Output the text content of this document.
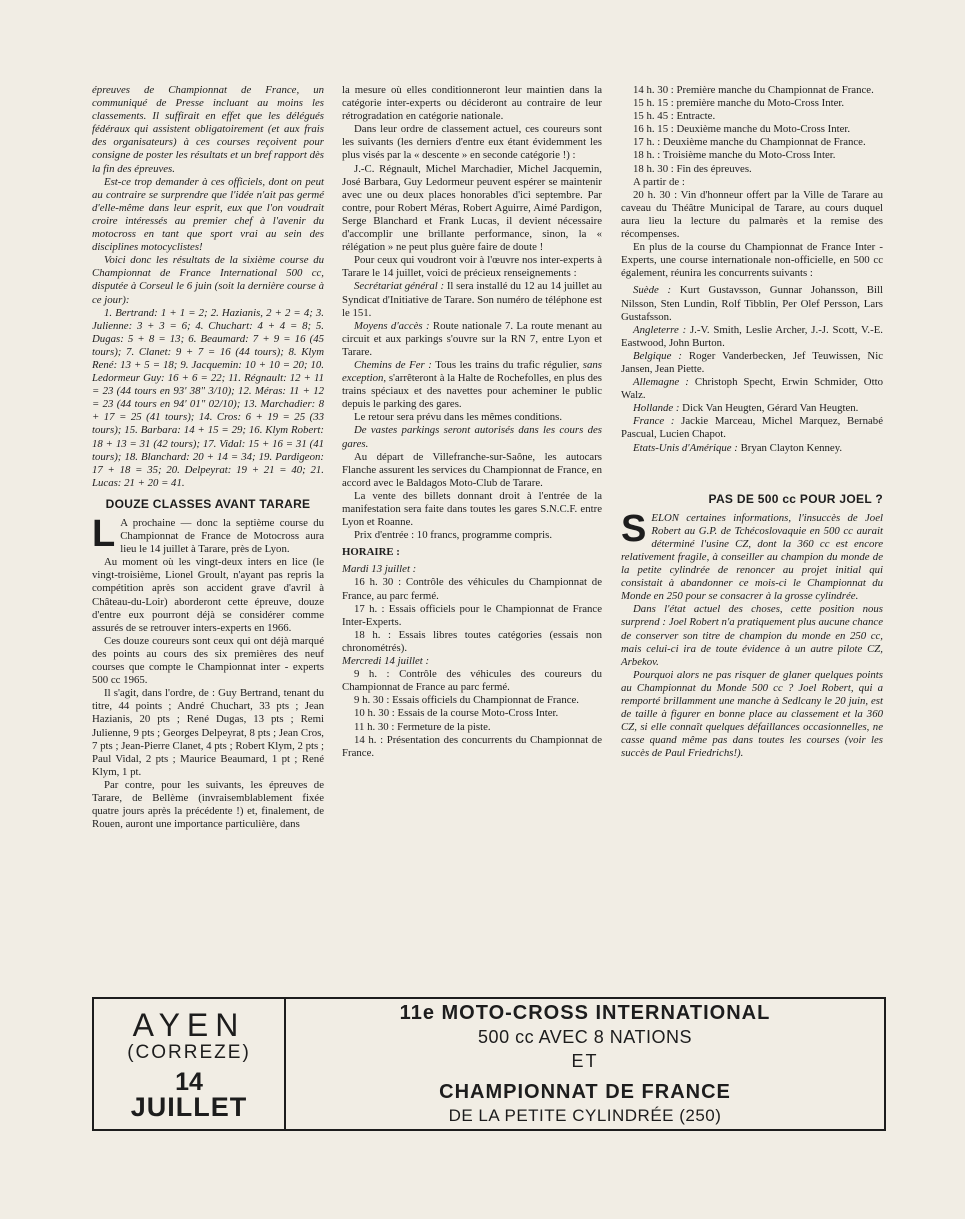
épreuves de Championnat de France, un communiqué de Presse incluant au moins les classements. Il suffirait en effet que les délégués fédéraux qui assistent obligatoirement (et aux frais des organisateurs) à ces courses reçoivent pour consigne de poster les résultats et un bref rapport dès la fin des épreuves.

Est-ce trop demander à ces officiels, dont on peut au contraire se surprendre que l'idée n'ait pas germé d'elle-même dans leur esprit, eux que l'on voudrait croire intéressés au premier chef à l'avenir du motocross en tant que sport vrai au sein des disciplines motocyclistes!

Voici donc les résultats de la sixième course du Championnat de France International 500 cc, disputée à Corseul le 6 juin (soit la dernière course à ce jour):

1. Bertrand: 1 + 1 = 2; 2. Hazianis, 2 + 2 = 4; 3. Julienne: 3 + 3 = 6; 4. Chuchart: 4 + 4 = 8; 5. Dugas: 5 + 8 = 13; 6. Beaumard: 7 + 9 = 16 (45 tours); 7. Clanet: 9 + 7 = 16 (44 tours); 8. Klym René: 13 + 5 = 18; 9. Jacquemin: 10 + 10 = 20; 10. Ledormeur Guy: 16 + 6 = 22; 11. Régnault: 12 + 11 = 23 (44 tours en 93' 38" 3/10); 12. Méras: 11 + 12 = 23 (44 tours en 94' 01" 02/10); 13. Marchadier: 8 + 17 = 25 (41 tours); 14. Cros: 6 + 19 = 25 (33 tours); 15. Barbara: 14 + 15 = 29; 16. Klym Robert: 18 + 13 = 31 (42 tours); 17. Vidal: 15 + 16 = 31 (41 tours); 18. Blanchard: 20 + 14 = 34; 19. Pardigeon: 17 + 18 = 35; 20. Delpeyrat: 19 + 21 = 40; 21. Lucas: 21 + 20 = 41.

DOUZE CLASSES AVANT TARARE
L A prochaine — donc la septième course du Championnat de France de Motocross aura lieu le 14 juillet à Tarare, près de Lyon.

Au moment où les vingt-deux inters en lice (le vingt-troisième, Lionel Groult, n'ayant pas repris la compétition après son accident grave d'avril à Château-du-Loir) aborderont cette épreuve, douze d'entre eux pourront déjà se considérer comme assurés de se retrouver inters-experts en 1966.

Ces douze coureurs sont ceux qui ont déjà marqué des points au cours des six premières des neuf courses que compte le Championnat inter - experts 500 cc 1965.

Il s'agit, dans l'ordre, de : Guy Bertrand, tenant du titre, 44 points ; André Chuchart, 33 pts ; Jean Hazianis, 20 pts ; René Dugas, 13 pts ; Remi Julienne, 9 pts ; Georges Delpeyrat, 8 pts ; Jean Cros, 7 pts ; Jean-Pierre Clanet, 4 pts ; Robert Klym, 2 pts ; Paul Vidal, 2 pts ; Maurice Beaumard, 1 pt ; René Klym, 1 pt.

Par contre, pour les suivants, les épreuves de Tarare, de Bellème (invraisemblablement fixée quatre jours après la précédente !) et, finalement, de Rouen, auront une importance particulière, dans

la mesure où elles conditionneront leur maintien dans la catégorie inter-experts ou décideront au contraire de leur rétrogradation en catégorie nationale.

Dans leur ordre de classement actuel, ces coureurs sont les suivants (les derniers d'entre eux étant évidemment les plus visés par la « descente » en seconde catégorie !) :

J.-C. Régnault, Michel Marchadier, Michel Jacquemin, José Barbara, Guy Ledormeur peuvent espérer se maintenir avec une ou deux places honorables d'ici septembre. Par contre, pour Robert Méras, Robert Aguirre, Aimé Pardigon, Serge Blanchard et Frank Lucas, il devient nécessaire d'accomplir une brillante performance, sinon, la « rélégation » ne peut plus guère faire de doute !

Pour ceux qui voudront voir à l'œuvre nos inter-experts à Tarare le 14 juillet, voici de précieux renseignements :

Secrétariat général : Il sera installé du 12 au 14 juillet au Syndicat d'Initiative de Tarare. Son numéro de téléphone est le 151.

Moyens d'accès : Route nationale 7. La route menant au circuit et aux parkings s'ouvre sur la RN 7, entre Lyon et Tarare.

Chemins de Fer : Tous les trains du trafic régulier, sans exception, s'arrêteront à la Halte de Rochefolles, en plus des trains spéciaux et des navettes pour acheminer le public depuis le parking des gares.

Le retour sera prévu dans les mêmes conditions.

De vastes parkings seront autorisés dans les cours des gares.

Au départ de Villefranche-sur-Saône, les autocars Flanche assurent les services du Championnat de France, en accord avec le Baldagos Moto-Club de Tarare.

La vente des billets donnant droit à l'entrée de la manifestation sera faite dans toutes les gares S.N.C.F. entre Lyon et Roanne.

Prix d'entrée : 10 francs, programme compris.

HORAIRE :

Mardi 13 juillet :

16 h. 30 : Contrôle des véhicules du Championnat de France, au parc fermé.

17 h. : Essais officiels pour le Championnat de France Inter-Experts.

18 h. : Essais libres toutes catégories (essais non chronométrés).

Mercredi 14 juillet :

9 h. : Contrôle des véhicules des coureurs du Championnat de France au parc fermé.

9 h. 30 : Essais officiels du Championnat de France.

10 h. 30 : Essais de la course Moto-Cross Inter.

11 h. 30 : Fermeture de la piste.

14 h. : Présentation des concurrents du Championnat de France.

14 h. 30 : Première manche du Championnat de France.

15 h. 15 : première manche du Moto-Cross Inter.

15 h. 45 : Entracte.

16 h. 15 : Deuxième manche du Moto-Cross Inter.

17 h. : Deuxième manche du Championnat de France.

18 h. : Troisième manche du Moto-Cross Inter.

18 h. 30 : Fin des épreuves.

A partir de :

20 h. 30 : Vin d'honneur offert par la Ville de Tarare au caveau du Théâtre Municipal de Tarare, au cours duquel aura lieu la lecture du palmarès et la remise des récompenses.

En plus de la course du Championnat de France Inter - Experts, une course internationale non-officielle, en 500 cc également, réunira les concurrents suivants :

Suède : Kurt Gustavsson, Gunnar Johansson, Bill Nilsson, Sten Lundin, Rolf Tibblin, Per Olef Persson, Lars Gustafsson.

Angleterre : J.-V. Smith, Leslie Archer, J.-J. Scott, V.-E. Eastwood, John Burton.

Belgique : Roger Vanderbecken, Jef Teuwissen, Nic Jansen, Jean Piette.

Allemagne : Christoph Specht, Erwin Schmider, Otto Walz.

Hollande : Dick Van Heugten, Gérard Van Heugten.

France : Jackie Marceau, Michel Marquez, Bernabé Pascual, Lucien Chapot.

Etats-Unis d'Amérique : Bryan Clayton Kenney.

PAS DE 500 cc POUR JOEL ?
S ELON certaines informations, l'insuccès de Joel Robert au G.P. de Tchécoslovaquie en 500 cc aurait déterminé l'usine CZ, dont la 360 cc est encore relativement fragile, à conseiller au champion du monde de la petite cylindrée de renoncer au projet initial qui consistait à abandonner ce mois-ci le Championnat du Monde en 250 pour se consacrer à la grosse cylindrée.

Dans l'état actuel des choses, cette position nous surprend : Joel Robert n'a pratiquement plus aucune chance de conserver son titre de champion du monde en 250 cc, mais celui-ci ira de toute évidence à un autre pilote CZ, Arbekov.

Pourquoi alors ne pas risquer de glaner quelques points au Championnat du Monde 500 cc ? Joel Robert, qui a remporté brillamment une manche à Sedlcany le 20 juin, est de taille à figurer en bonne place au classement et la 360 CZ, si elle connaît quelques défaillances occasionnelles, ne casse quand même pas dans toutes les courses (voir les succès de Paul Friedrichs!).

AYEN
(CORREZE)
14
JUILLET
11e MOTO-CROSS INTERNATIONAL
500 cc AVEC 8 NATIONS
ET
CHAMPIONNAT DE FRANCE
DE LA PETITE CYLINDRÉE (250)
